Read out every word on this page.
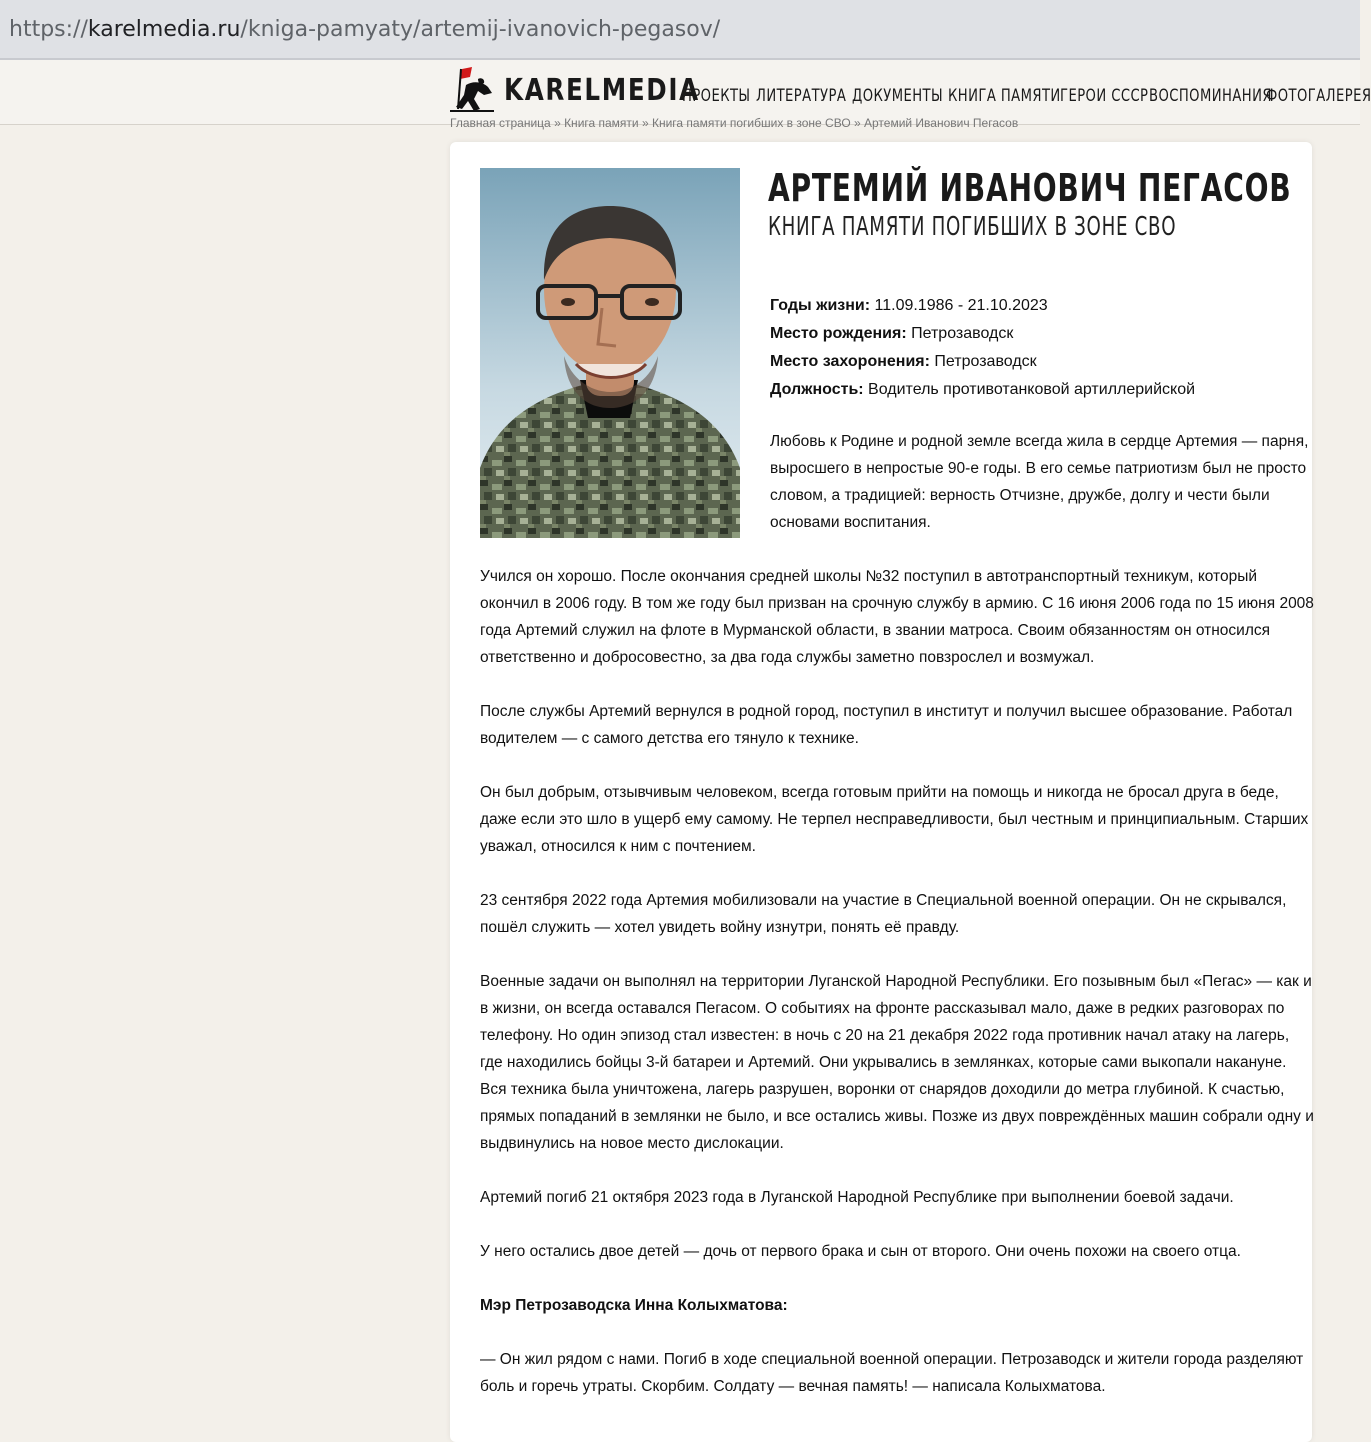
https://karelmedia.ru/kniga-pamyaty/artemij-ivanovich-pegasov/
KARELMEDIA
ПРОЕКТЫ ЛИТЕРАТУРА ДОКУМЕНТЫ КНИГА ПАМЯТИ ГЕРОИ СССР ВОСПОМИНАНИЯ
ФОТОГАЛЕРЕЯ
Главная страница » Книга памяти » Книга памяти погибших в зоне СВО » Артемий Иванович Пегасов
АРТЕМИЙ ИВАНОВИЧ ПЕГАСОВ
КНИГА ПАМЯТИ ПОГИБШИХ В ЗОНЕ СВО
Годы жизни: 11.09.1986 - 21.10.2023
Место рождения: Петрозаводск
Место захоронения: Петрозаводск
Должность: Водитель противотанковой артиллерийской
Любовь к Родине и родной земле всегда жила в сердце Артемия — парня, выросшего в непростые 90-е годы. В его семье патриотизм был не просто словом, а традицией: верность Отчизне, дружбе, долгу и чести были основами воспитания.

Учился он хорошо. После окончания средней школы №32 поступил в автотранспортный техникум, который окончил в 2006 году. В том же году был призван на срочную службу в армию. С 16 июня 2006 года по 15 июня 2008 года Артемий служил на флоте в Мурманской области, в звании матроса. Своим обязанностям он относился ответственно и добросовестно, за два года службы заметно повзрослел и возмужал.

После службы Артемий вернулся в родной город, поступил в институт и получил высшее образование. Работал водителем — с самого детства его тянуло к технике.

Он был добрым, отзывчивым человеком, всегда готовым прийти на помощь и никогда не бросал друга в беде, даже если это шло в ущерб ему самому. Не терпел несправедливости, был честным и принципиальным. Старших уважал, относился к ним с почтением.

23 сентября 2022 года Артемия мобилизовали на участие в Специальной военной операции. Он не скрывался, пошёл служить — хотел увидеть войну изнутри, понять её правду.

Военные задачи он выполнял на территории Луганской Народной Республики. Его позывным был «Пегас» — как и в жизни, он всегда оставался Пегасом. О событиях на фронте рассказывал мало, даже в редких разговорах по телефону. Но один эпизод стал известен: в ночь с 20 на 21 декабря 2022 года противник начал атаку на лагерь, где находились бойцы 3-й батареи и Артемий. Они укрывались в землянках, которые сами выкопали накануне. Вся техника была уничтожена, лагерь разрушен, воронки от снарядов доходили до метра глубиной. К счастью, прямых попаданий в землянки не было, и все остались живы. Позже из двух повреждённых машин собрали одну и выдвинулись на новое место дислокации.

Артемий погиб 21 октября 2023 года в Луганской Народной Республике при выполнении боевой задачи.

У него остались двое детей — дочь от первого брака и сын от второго. Они очень похожи на своего отца.

Мэр Петрозаводска Инна Колыхматова:

— Он жил рядом с нами. Погиб в ходе специальной военной операции. Петрозаводск и жители города разделяют боль и горечь утраты. Скорбим. Солдату — вечная память! — написала Колыхматова.
